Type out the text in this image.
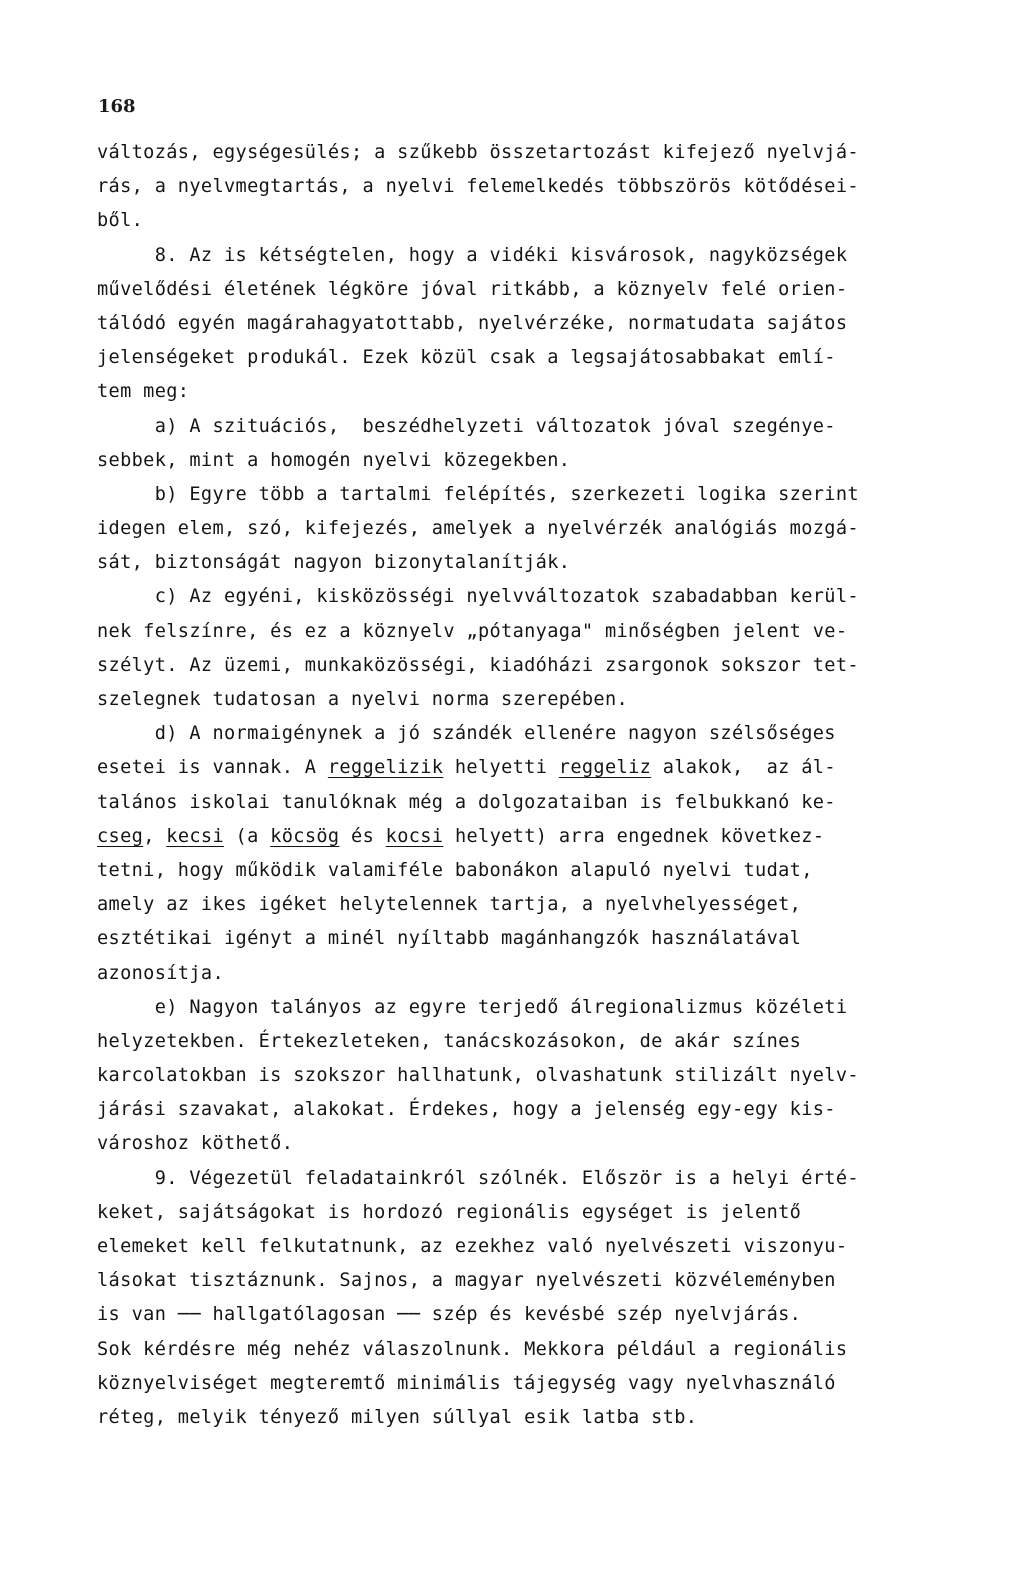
168
változás, egységesülés; a szűkebb összetartozást kifejező nyelvjá-
rás, a nyelvmegtartás, a nyelvi felemelkedés többszörös kötődései-
ből.
8. Az is kétségtelen, hogy a vidéki kisvárosok, nagyközségek
művelődési életének légköre jóval ritkább, a köznyelv felé orien-
tálódó egyén magárahagyatottabb, nyelvérzéke, normatudata sajátos
jelenségeket produkál. Ezek közül csak a legsajátosabbakat emlí-
tem meg:
a) A szituációs,  beszédhelyzeti változatok jóval szegénye-
sebbek, mint a homogén nyelvi közegekben.
b) Egyre több a tartalmi felépítés, szerkezeti logika szerint
idegen elem, szó, kifejezés, amelyek a nyelvérzék analógiás mozgá-
sát, biztonságát nagyon bizonytalanítják.
c) Az egyéni, kisközösségi nyelvváltozatok szabadabban kerül-
nek felszínre, és ez a köznyelv „pótanyaga" minőségben jelent ve-
szélyt. Az üzemi, munkaközösségi, kiadóházi zsargonok sokszor tet-
szelegnek tudatosan a nyelvi norma szerepében.
d) A normaigénynek a jó szándék ellenére nagyon szélsőséges
esetei is vannak. A reggelizik helyetti reggeliz alakok,  az ál-
talános iskolai tanulóknak még a dolgozataiban is felbukkanó ke-
cseg, kecsi (a köcsög és kocsi helyett) arra engednek következ-
tetni, hogy működik valamiféle babonákon alapuló nyelvi tudat,
amely az ikes igéket helytelennek tartja, a nyelvhelyességet,
esztétikai igényt a minél nyíltabb magánhangzók használatával
azonosítja.
e) Nagyon talányos az egyre terjedő álregionalizmus közéleti
helyzetekben. Értekezleteken, tanácskozásokon, de akár színes
karcolatokban is szokszor hallhatunk, olvashatunk stilizált nyelv-
járási szavakat, alakokat. Érdekes, hogy a jelenség egy-egy kis-
városhoz köthető.
9. Végezetül feladatainkról szólnék. Először is a helyi érté-
keket, sajátságokat is hordozó regionális egységet is jelentő
elemeket kell felkutatnunk, az ezekhez való nyelvészeti viszonyu-
lásokat tisztáznunk. Sajnos, a magyar nyelvészeti közvéleményben
is van ── hallgatólagosan ── szép és kevésbé szép nyelvjárás.
Sok kérdésre még nehéz válaszolnunk. Mekkora például a regionális
köznyelviséget megteremtő minimális tájegység vagy nyelvhasználó
réteg, melyik tényező milyen súllyal esik latba stb.
